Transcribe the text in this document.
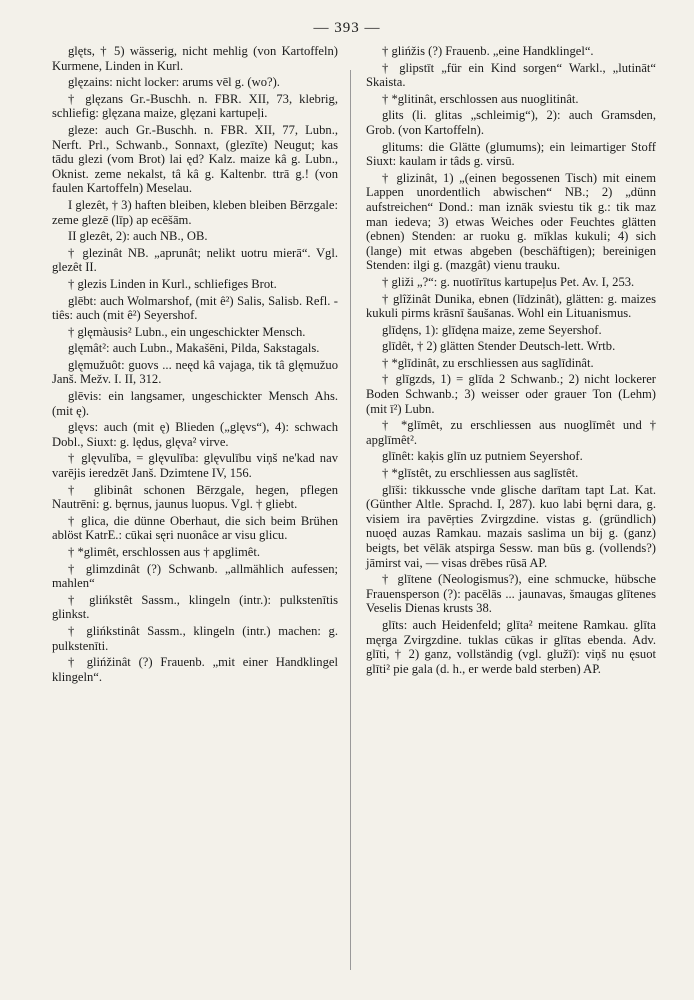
— 393 —

glęts, † 5) wässerig, nicht mehlig (von Kartoffeln) Kurmene, Linden in Kurl.

glęzains: nicht locker: arums vēl g. (wo?).

† glęzans Gr.-Buschh. n. FBR. XII, 73, klebrig, schliefig: glęzana maize, glęzani kartupeļi.

gleze: auch Gr.-Buschh. n. FBR. XII, 77, Lubn., Nerft. Prl., Schwanb., Sonnaxt, (glezīte) Neugut; kas tādu glezi (vom Brot) lai ęd? Kalz. maize kâ g. Lubn., Oknist. zeme nekalst, tâ kâ g. Kaltenbr. ttrā g.! (von faulen Kartoffeln) Meselau.

I glezêt, † 3) haften bleiben, kleben bleiben Bērzgale: zeme glezē (līp) ap ecēšām.

II glezêt, 2): auch NB., OB.

† glezinât NB. „aprunât; nelikt uotru mierā“. Vgl. glezêt II.

† glezis Linden in Kurl., schliefiges Brot.

glēbt: auch Wolmarshof, (mit ê²) Salis, Salisb. Refl. -tiês: auch (mit ê²) Seyershof.

† glęmàusis² Lubn., ein ungeschickter Mensch.

glęmât²: auch Lubn., Makašēni, Pilda, Sakstagals.

glęmužuôt: guovs ... neęd kâ vajaga, tik tâ glęmužuo Janš. Mežv. I. II, 312.

glēvis: ein langsamer, ungeschickter Mensch Ahs. (mit ę).

glęvs: auch (mit ę) Blieden („glęvs“), 4): schwach Dobl., Siuxt: g. lędus, glęva² virve.

† glęvulība, = glęvulība: glęvulību viņš ne'kad nav varējis ieredzēt Janš. Dzimtene IV, 156.

† glibinât schonen Bērzgale, hegen, pflegen Nautrēni: g. bęrnus, jaunus luopus. Vgl. † gliebt.

† glica, die dünne Oberhaut, die sich beim Brühen ablöst KatrE.: cūkai sęri nuonâce ar visu glicu.

† *glimêt, erschlossen aus † apglimêt.

† glimzdinât (?) Schwanb. „allmählich aufessen; mahlen“

† glińkstêt Sassm., klingeln (intr.): pulkstenītis glinkst.

† glińkstinât Sassm., klingeln (intr.) machen: g. pulkstenīti.

† glińžinât (?) Frauenb. „mit einer Handklingel klingeln“.

† glińžis (?) Frauenb. „eine Handklingel“.

† glipstīt „für ein Kind sorgen“ Warkl., „lutināt“ Skaista.

† *glitinât, erschlossen aus nuoglitinât.

glits (li. glitas „schleimig“), 2): auch Gramsden, Grob. (von Kartoffeln).

glitums: die Glätte (glumums); ein leimartiger Stoff Siuxt: kaulam ir tâds g. virsū.

† glizinât, 1) „(einen begossenen Tisch) mit einem Lappen unordentlich abwischen“ NB.; 2) „dünn aufstreichen“ Dond.: man iznāk sviestu tik g.: tik maz man iedeva; 3) etwas Weiches oder Feuchtes glätten (ebnen) Stenden: ar ruoku g. mīklas kukuli; 4) sich (lange) mit etwas abgeben (beschäftigen); bereinigen Stenden: ilgi g. (mazgât) vienu trauku.

† gliži „?“: g. nuotīrītus kartupeļus Pet. Av. I, 253.

† glîžinât Dunika, ebnen (līdzinât), glätten: g. maizes kukuli pirms krāsnī šaušanas. Wohl ein Lituanismus.

glīdęns, 1): glīdęna maize, zeme Seyershof.

glīdêt, † 2) glätten Stender Deutsch-lett. Wrtb.

† *glīdinât, zu erschliessen aus saglīdinât.

† glīgzds, 1) = glīda 2 Schwanb.; 2) nicht lockerer Boden Schwanb.; 3) weisser oder grauer Ton (Lehm) (mit ī²) Lubn.

† *glīmêt, zu erschliessen aus nuoglīmêt und † apglīmêt².

glīnêt: kaķis glīn uz putniem Seyershof.

† *glīstêt, zu erschliessen aus saglīstêt.

glīši: tikkussche vnde glische darītam tapt Lat. Kat. (Günther Altle. Sprachd. I, 287). kuo labi bęrni dara, g. visiem ira pavēŗties Zvirgzdine. vistas g. (gründlich) nuoęd auzas Ramkau. mazais saslima un bij g. (ganz) beigts, bet vēlāk atspirga Sessw. man būs g. (vollends?) jāmirst vai, — visas drēbes rūsā AP.

† glītene (Neologismus?), eine schmucke, hübsche Frauensperson (?): pacēlās ... jaunavas, šmaugas glītenes Veselis Dienas krusts 38.

glīts: auch Heidenfeld; glīta² meitene Ramkau. glīta męrga Zvirgzdine. tuklas cūkas ir glītas ebenda. Adv. glīti, † 2) ganz, vollständig (vgl. glužī): viņš nu ęsuot glīti² pie gala (d. h., er werde bald sterben) AP.
